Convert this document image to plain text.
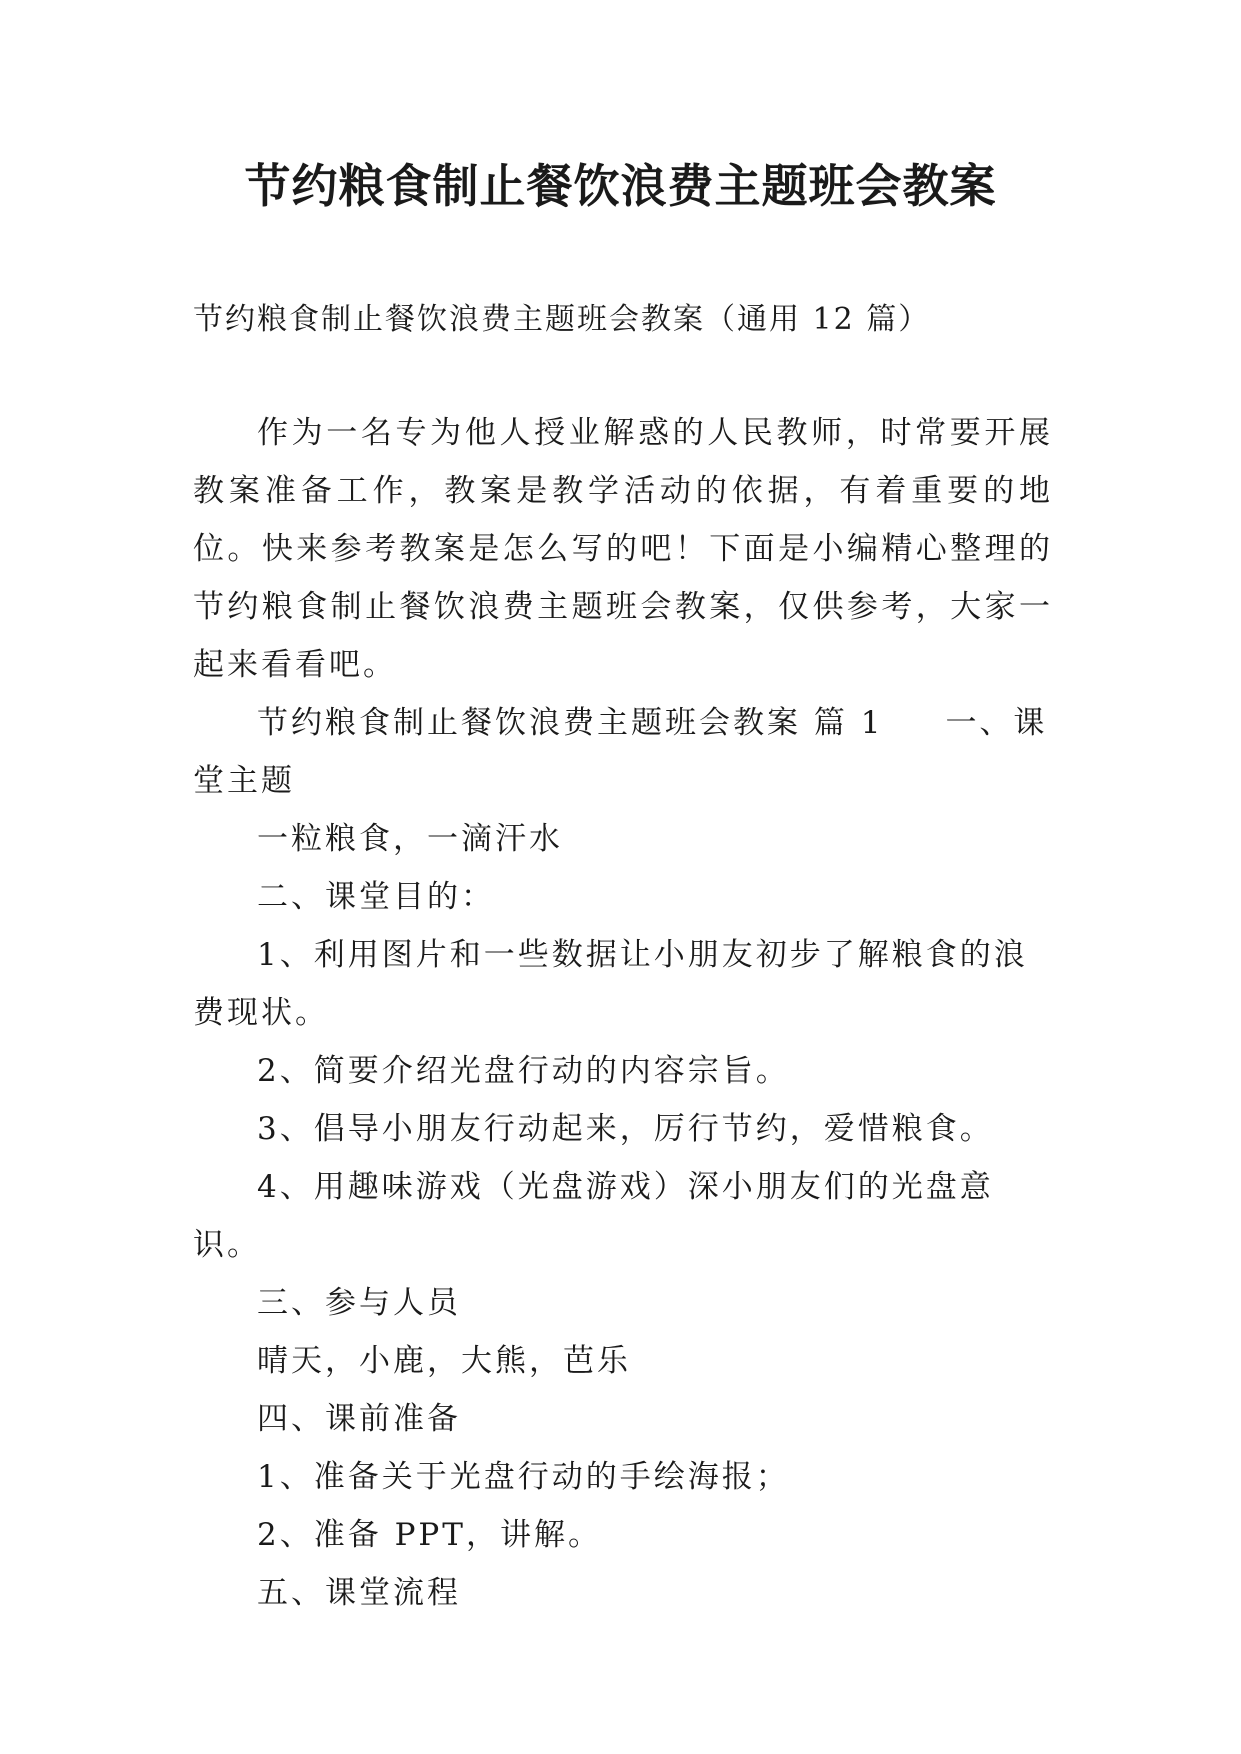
节约粮食制止餐饮浪费主题班会教案
节约粮食制止餐饮浪费主题班会教案（通用 12 篇）

作为一名专为他人授业解惑的人民教师，时常要开展教案准备工作，教案是教学活动的依据，有着重要的地位。快来参考教案是怎么写的吧！下面是小编精心整理的节约粮食制止餐饮浪费主题班会教案，仅供参考，大家一起来看看吧。

节约粮食制止餐饮浪费主题班会教案 篇 1 一、课堂主题

一粒粮食，一滴汗水

二、课堂目的：

1、利用图片和一些数据让小朋友初步了解粮食的浪费现状。

2、简要介绍光盘行动的内容宗旨。

3、倡导小朋友行动起来，厉行节约，爱惜粮食。

4、用趣味游戏（光盘游戏）深小朋友们的光盘意识。

三、参与人员

晴天，小鹿，大熊，芭乐

四、课前准备

1、准备关于光盘行动的手绘海报；

2、准备 PPT，讲解。

五、课堂流程
